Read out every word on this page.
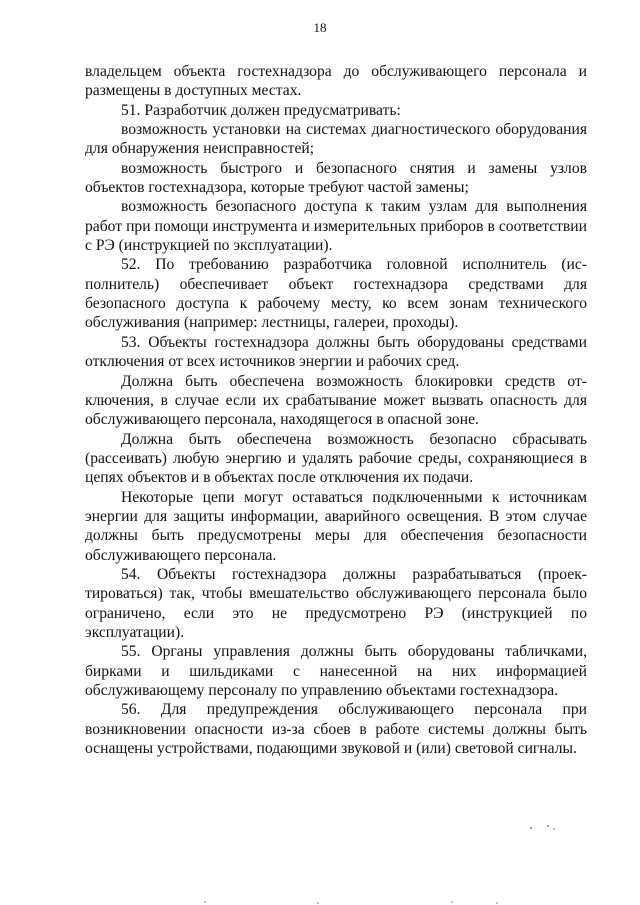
18

владельцем объекта гостехнадзора до обслуживающего персонала и размещены в доступных местах.

51. Разработчик должен предусматривать:

возможность установки на системах диагностического оборудования для обнаружения неисправностей;

возможность быстрого и безопасного снятия и замены узлов объектов гостехнадзора, которые требуют частой замены;

возможность безопасного доступа к таким узлам для выполнения работ при помощи инструмента и измерительных приборов в соответствии с РЭ (инструкцией по эксплуатации).

52. По требованию разработчика головной исполнитель (исполнитель) обеспечивает объект гостехнадзора средствами для безопасного доступа к рабочему месту, ко всем зонам технического обслуживания (например: лестницы, галереи, проходы).

53. Объекты гостехнадзора должны быть оборудованы средствами отключения от всех источников энергии и рабочих сред.

Должна быть обеспечена возможность блокировки средств отключения, в случае если их срабатывание может вызвать опасность для обслуживающего персонала, находящегося в опасной зоне.

Должна быть обеспечена возможность безопасно сбрасывать (рассеивать) любую энергию и удалять рабочие среды, сохраняющиеся в цепях объектов и в объектах после отключения их подачи.

Некоторые цепи могут оставаться подключенными к источникам энергии для защиты информации, аварийного освещения. В этом случае должны быть предусмотрены меры для обеспечения безопасности обслуживающего персонала.

54. Объекты гостехнадзора должны разрабатываться (проектироваться) так, чтобы вмешательство обслуживающего персонала было ограничено, если это не предусмотрено РЭ (инструкцией по эксплуатации).

55. Органы управления должны быть оборудованы табличками, бирками и шильдиками с нанесенной на них информацией обслуживающему персоналу по управлению объектами гостехнадзора.

56. Для предупреждения обслуживающего персонала при возникновении опасности из-за сбоев в работе системы должны быть оснащены устройствами, подающими звуковой и (или) световой сигналы.
